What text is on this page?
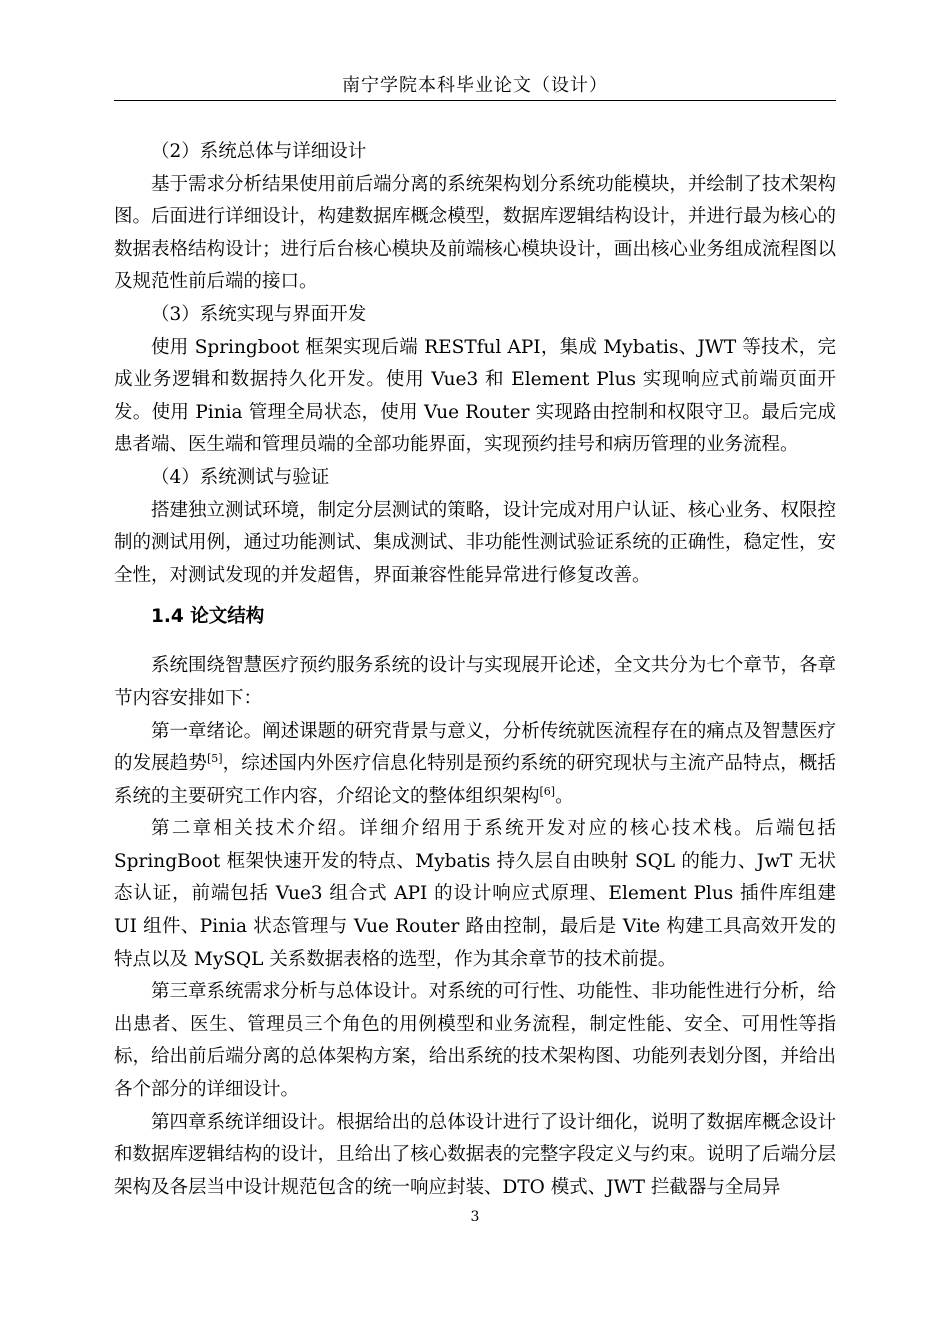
南宁学院本科毕业论文（设计）

（2）系统总体与详细设计

基于需求分析结果使用前后端分离的系统架构划分系统功能模块，并绘制了技术架构图。后面进行详细设计，构建数据库概念模型，数据库逻辑结构设计，并进行最为核心的数据表格结构设计；进行后台核心模块及前端核心模块设计，画出核心业务组成流程图以及规范性前后端的接口。

（3）系统实现与界面开发

使用 Springboot 框架实现后端 RESTful API，集成 Mybatis、JWT 等技术，完成业务逻辑和数据持久化开发。使用 Vue3 和 Element Plus 实现响应式前端页面开发。使用 Pinia 管理全局状态，使用 Vue Router 实现路由控制和权限守卫。最后完成患者端、医生端和管理员端的全部功能界面，实现预约挂号和病历管理的业务流程。

（4）系统测试与验证

搭建独立测试环境，制定分层测试的策略，设计完成对用户认证、核心业务、权限控制的测试用例，通过功能测试、集成测试、非功能性测试验证系统的正确性，稳定性，安全性，对测试发现的并发超售，界面兼容性能异常进行修复改善。

1.4 论文结构

系统围绕智慧医疗预约服务系统的设计与实现展开论述，全文共分为七个章节，各章节内容安排如下：

第一章绪论。阐述课题的研究背景与意义，分析传统就医流程存在的痛点及智慧医疗的发展趋势[5]，综述国内外医疗信息化特别是预约系统的研究现状与主流产品特点，概括系统的主要研究工作内容，介绍论文的整体组织架构[6]。

第二章相关技术介绍。详细介绍用于系统开发对应的核心技术栈。后端包括 SpringBoot 框架快速开发的特点、Mybatis 持久层自由映射 SQL 的能力、JwT 无状态认证，前端包括 Vue3 组合式 API 的设计响应式原理、Element Plus 插件库组建 UI 组件、Pinia 状态管理与 Vue Router 路由控制，最后是 Vite 构建工具高效开发的特点以及 MySQL 关系数据表格的选型，作为其余章节的技术前提。

第三章系统需求分析与总体设计。对系统的可行性、功能性、非功能性进行分析，给出患者、医生、管理员三个角色的用例模型和业务流程，制定性能、安全、可用性等指标，给出前后端分离的总体架构方案，给出系统的技术架构图、功能列表划分图，并给出各个部分的详细设计。

第四章系统详细设计。根据给出的总体设计进行了设计细化，说明了数据库概念设计和数据库逻辑结构的设计，且给出了核心数据表的完整字段定义与约束。说明了后端分层架构及各层当中设计规范包含的统一响应封装、DTO 模式、JWT 拦截器与全局异

3
